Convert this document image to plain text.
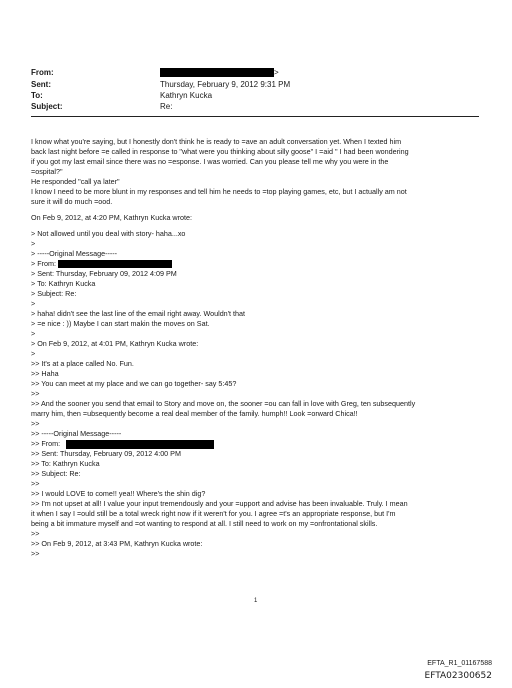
From:	>
Sent:	Thursday, February 9, 2012 9:31 PM
To:	Kathryn Kucka
Subject:	Re:
I know what you're saying, but I honestly don't think he is ready to =ave an adult conversation yet. When I texted him
back last night before =e called in response to "what were you thinking about silly goose" I =aid " I had been wondering
if you got my last email since there was no =esponse. I was worried. Can you please tell me why you were in the
=ospital?"
He responded "call ya later"
I know I need to be more blunt in my responses and tell him he needs to =top playing games, etc, but I actually am not
sure it will do much =ood.
On Feb 9, 2012, at 4:20 PM, Kathryn Kucka wrote:
> Not allowed until you deal with story- haha...xo
>
> -----Original Message-----
> From:
> Sent: Thursday, February 09, 2012 4:09 PM
> To: Kathryn Kucka
> Subject: Re:
>
> haha! didn't see the last line of the email right away. Wouldn't that
> =e nice : )) Maybe I can start makin the moves on Sat.
>
> On Feb 9, 2012, at 4:01 PM, Kathryn Kucka wrote:
>
>> It's at a place called No. Fun.
>> Haha
>> You can meet at my place and we can go together- say 5:45?
>>
>> And the sooner you send that email to Story and move on, the sooner =ou can fall in love with Greg, ten subsequently
marry him, then =ubsequently become a real deal member of the family. humph!! Look =orward Chica!!
>>
>> -----Original Message-----
>> From:
>> Sent: Thursday, February 09, 2012 4:00 PM
>> To: Kathryn Kucka
>> Subject: Re:
>>
>> I would LOVE to come!! yea!! Where's the shin dig?
>> I'm not upset at all! I value your input tremendously and your =upport and advise has been invaluable. Truly. I mean
it when I say I =ould still be a total wreck right now if it weren't for you. I agree =t's an appropriate response, but I'm
being a bit immature myself and =ot wanting to respond at all. I still need to work on my =onfrontational skills.
>>
>> On Feb 9, 2012, at 3:43 PM, Kathryn Kucka wrote:
>>
1
EFTA_R1_01167588
EFTA02300652
